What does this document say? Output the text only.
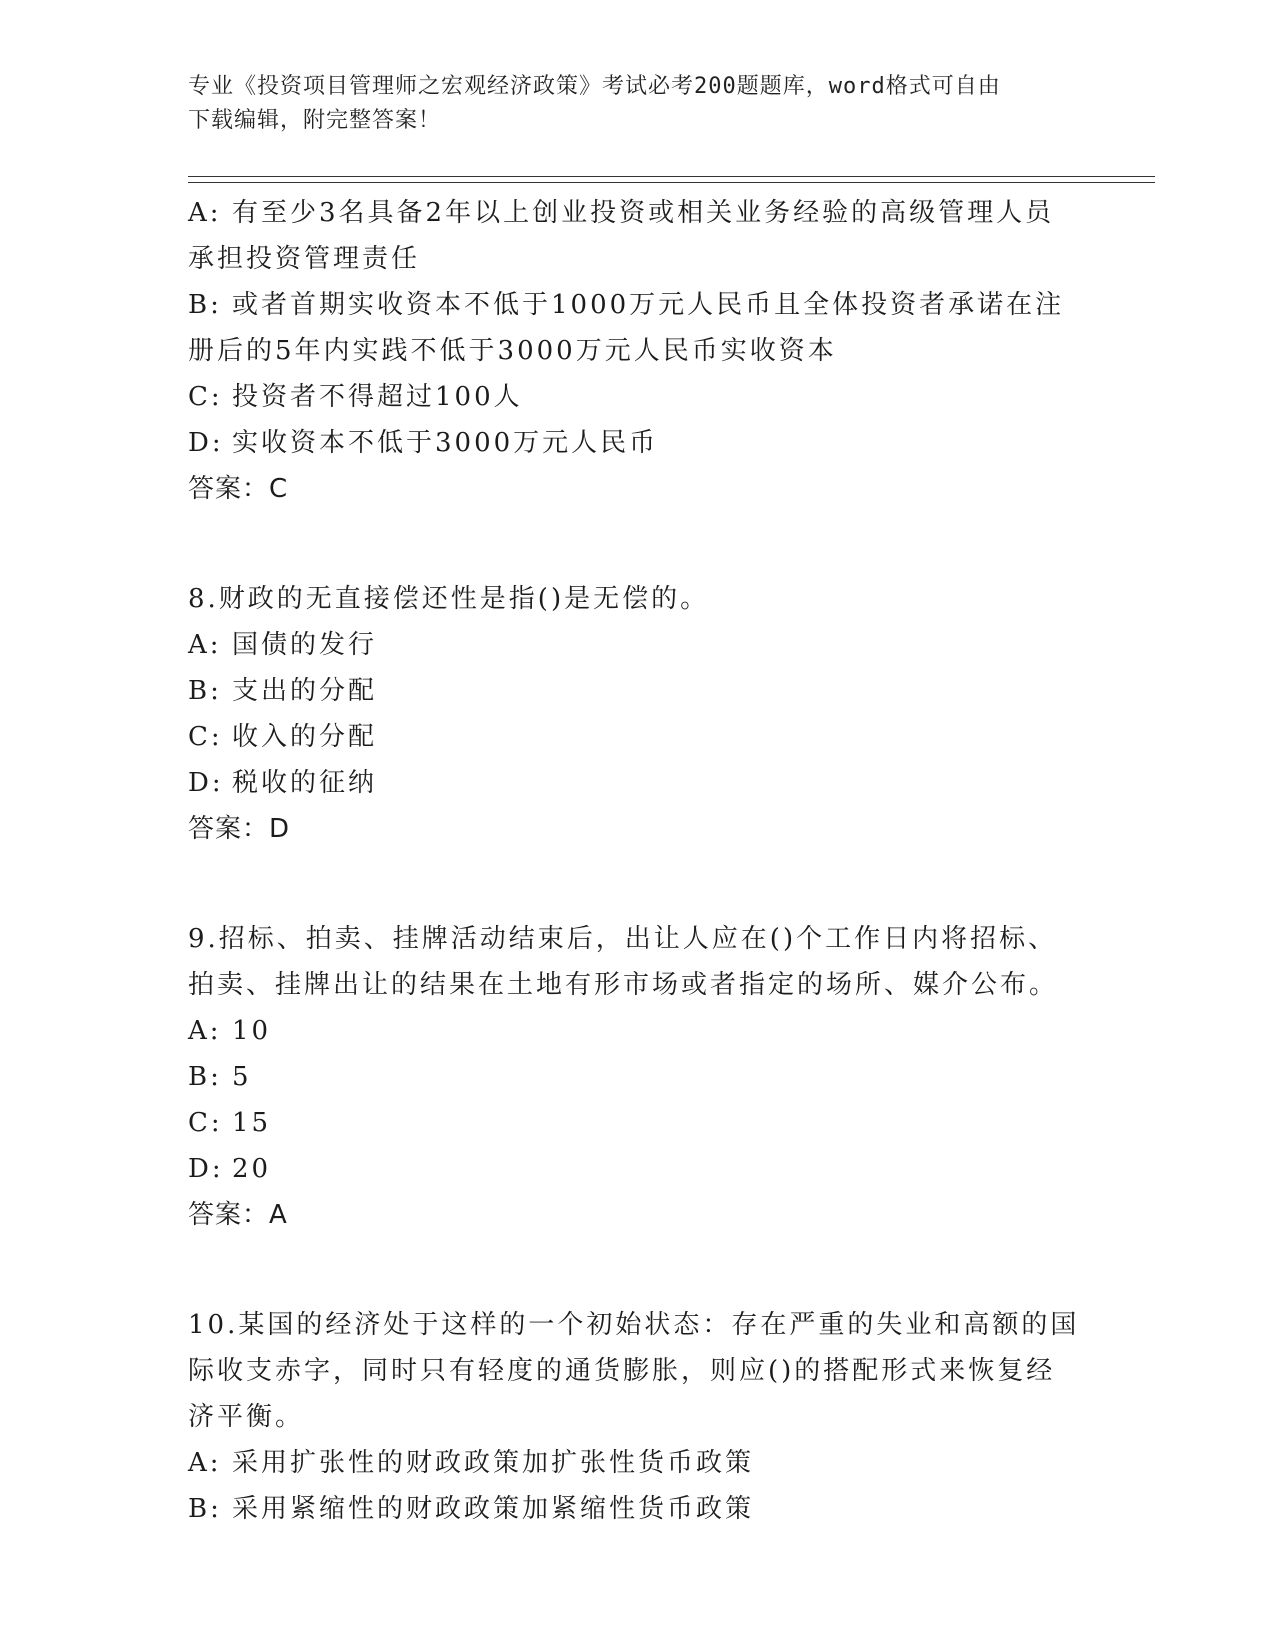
专业《投资项目管理师之宏观经济政策》考试必考200题题库，word格式可自由
下载编辑，附完整答案！
A: 有至少3名具备2年以上创业投资或相关业务经验的高级管理人员
承担投资管理责任
B: 或者首期实收资本不低于1000万元人民币且全体投资者承诺在注
册后的5年内实践不低于3000万元人民币实收资本
C: 投资者不得超过100人
D: 实收资本不低于3000万元人民币
答案：C
8.财政的无直接偿还性是指()是无偿的。
A: 国债的发行
B: 支出的分配
C: 收入的分配
D: 税收的征纳
答案：D
9.招标、拍卖、挂牌活动结束后，出让人应在()个工作日内将招标、
拍卖、挂牌出让的结果在土地有形市场或者指定的场所、媒介公布。
A: 10
B: 5
C: 15
D: 20
答案：A
10.某国的经济处于这样的一个初始状态：存在严重的失业和高额的国
际收支赤字，同时只有轻度的通货膨胀，则应()的搭配形式来恢复经
济平衡。
A: 采用扩张性的财政政策加扩张性货币政策
B: 采用紧缩性的财政政策加紧缩性货币政策
